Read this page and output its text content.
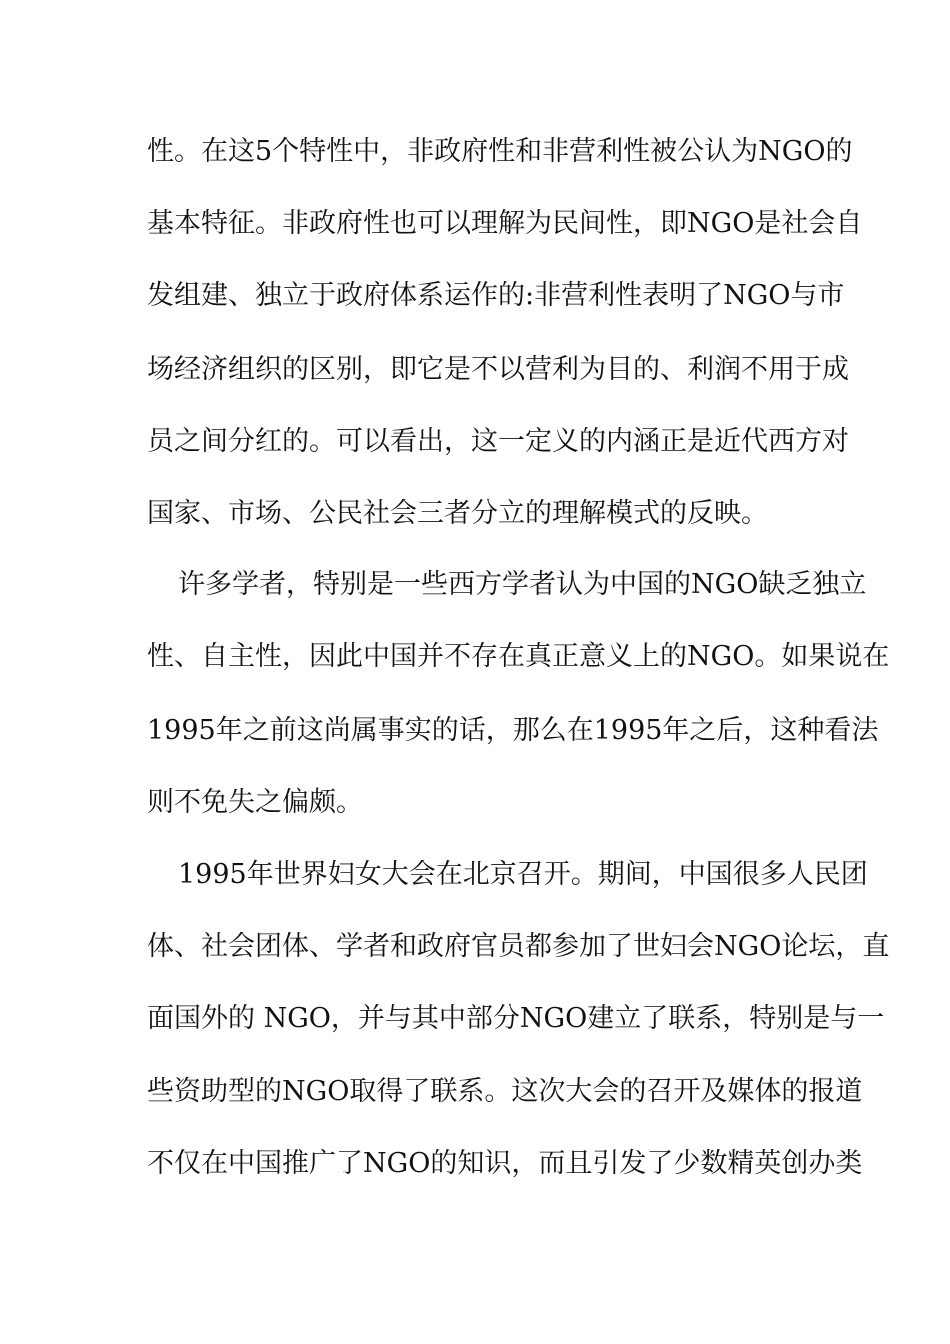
性。在这5个特性中，非政府性和非营利性被公认为NGO的
基本特征。非政府性也可以理解为民间性，即NGO是社会自
发组建、独立于政府体系运作的:非营利性表明了NGO与市
场经济组织的区别，即它是不以营利为目的、利润不用于成
员之间分红的。可以看出，这一定义的内涵正是近代西方对
国家、市场、公民社会三者分立的理解模式的反映。
许多学者，特别是一些西方学者认为中国的NGO缺乏独立
性、自主性，因此中国并不存在真正意义上的NGO。如果说在
1995年之前这尚属事实的话，那么在1995年之后，这种看法
则不免失之偏颇。
1995年世界妇女大会在北京召开。期间，中国很多人民团
体、社会团体、学者和政府官员都参加了世妇会NGO论坛，直
面国外的 NGO，并与其中部分NGO建立了联系，特别是与一
些资助型的NGO取得了联系。这次大会的召开及媒体的报道
不仅在中国推广了NGO的知识，而且引发了少数精英创办类
